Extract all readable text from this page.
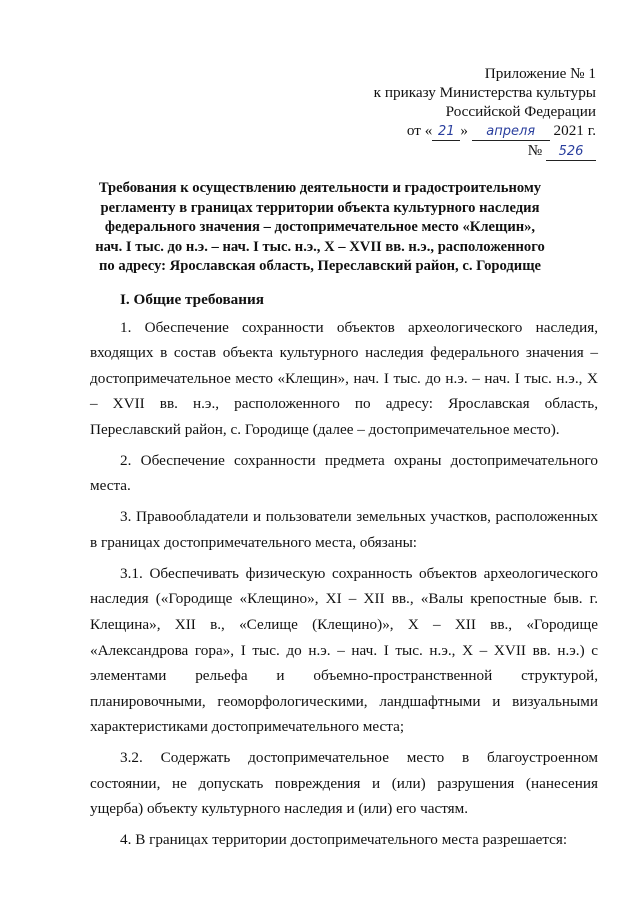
Приложение № 1
к приказу Министерства культуры
Российской Федерации
от « 21 » апреля 2021 г.
№ 526
Требования к осуществлению деятельности и градостроительному
регламенту в границах территории объекта культурного наследия
федерального значения – достопримечательное место «Клещин»,
нач. I тыс. до н.э. – нач. I тыс. н.э., X – XVII вв. н.э., расположенного
по адресу: Ярославская область, Переславский район, с. Городище

I. Общие требования

1. Обеспечение сохранности объектов археологического наследия, входящих в состав объекта культурного наследия федерального значения – достопримечательное место «Клещин», нач. I тыс. до н.э. – нач. I тыс. н.э., X – XVII вв. н.э., расположенного по адресу: Ярославская область, Переславский район, с. Городище (далее – достопримечательное место).

2. Обеспечение сохранности предмета охраны достопримечательного места.

3. Правообладатели и пользователи земельных участков, расположенных в границах достопримечательного места, обязаны:

3.1. Обеспечивать физическую сохранность объектов археологического наследия («Городище «Клещино», XI – XII вв., «Валы крепостные быв. г. Клещина», XII в., «Селище (Клещино)», X – XII вв., «Городище «Александрова гора», I тыс. до н.э. – нач. I тыс. н.э., X – XVII вв. н.э.) с элементами рельефа и объемно-пространственной структурой, планировочными, геоморфологическими, ландшафтными и визуальными характеристиками достопримечательного места;

3.2. Содержать достопримечательное место в благоустроенном состоянии, не допускать повреждения и (или) разрушения (нанесения ущерба) объекту культурного наследия и (или) его частям.

4. В границах территории достопримечательного места разрешается:
